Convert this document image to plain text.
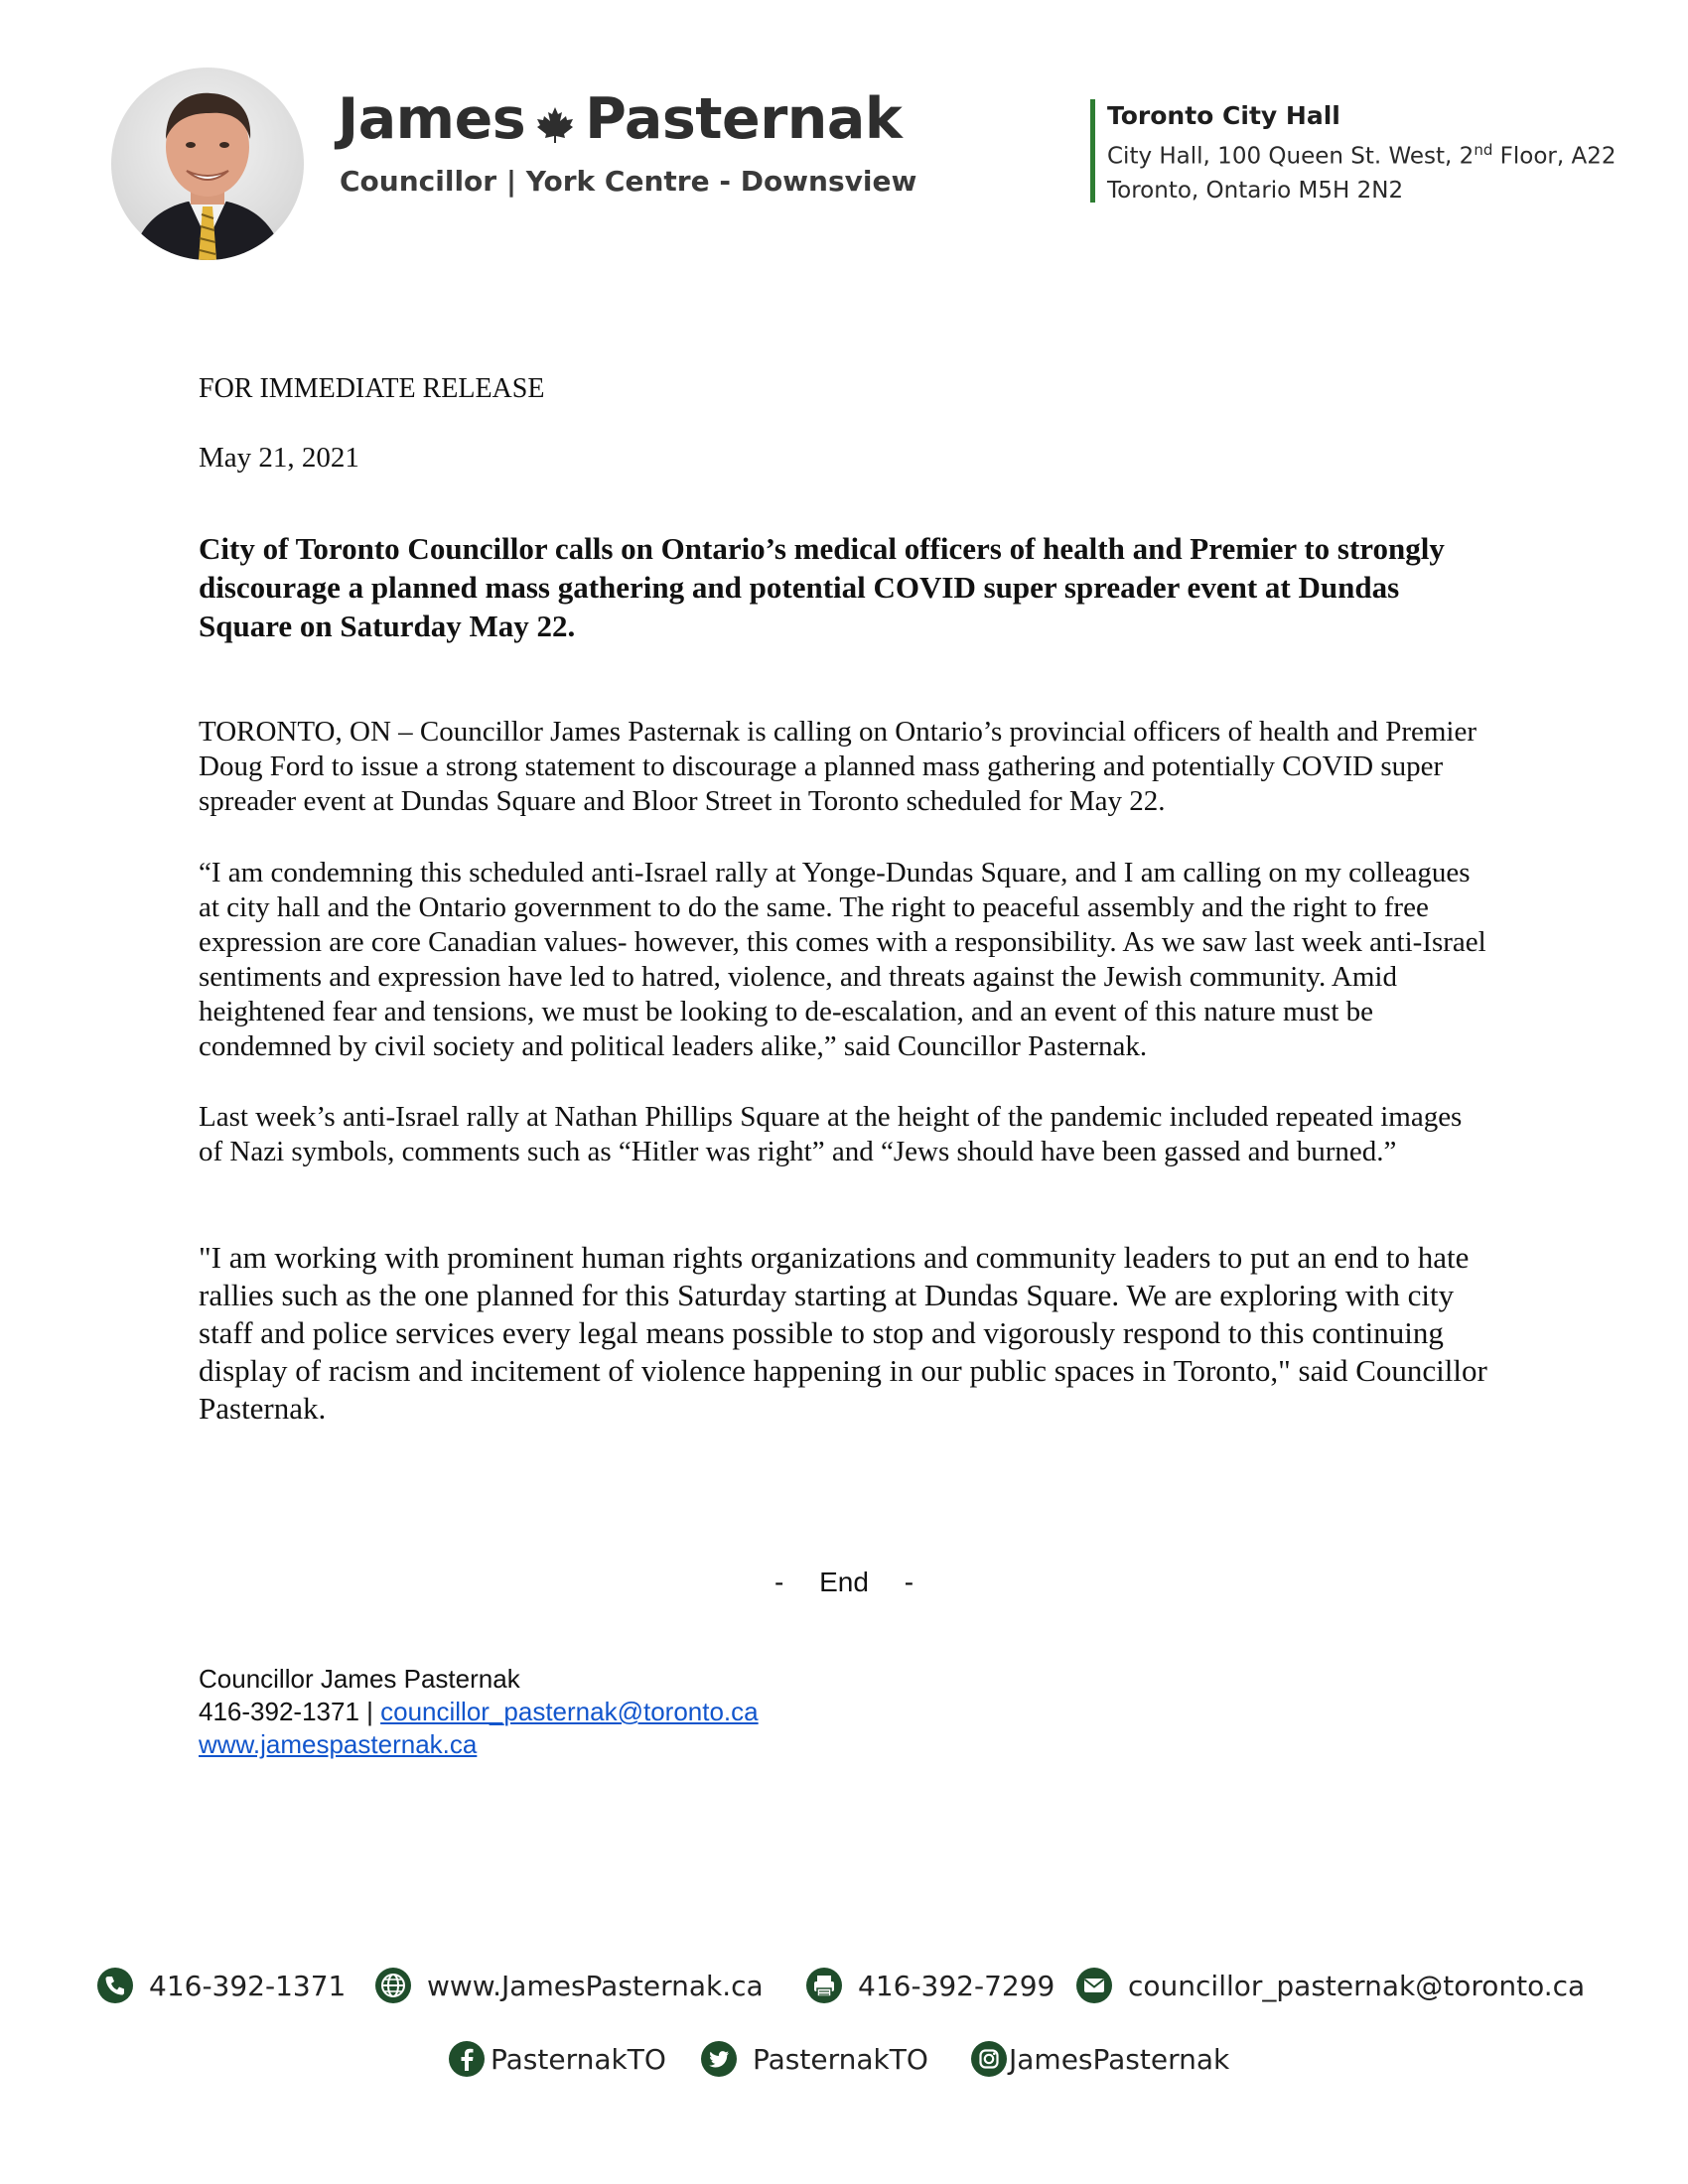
James Pasternak
Councillor | York Centre - Downsview
Toronto City Hall
City Hall, 100 Queen St. West, 2nd Floor, A22
Toronto, Ontario M5H 2N2
FOR IMMEDIATE RELEASE
May 21, 2021
City of Toronto Councillor calls on Ontario’s medical officers of health and Premier to strongly discourage a planned mass gathering and potential COVID super spreader event at Dundas Square on Saturday May 22.
TORONTO, ON – Councillor James Pasternak is calling on Ontario’s provincial officers of health and Premier Doug Ford to issue a strong statement to discourage a planned mass gathering and potentially COVID super spreader event at Dundas Square and Bloor Street in Toronto scheduled for May 22.
“I am condemning this scheduled anti-Israel rally at Yonge-Dundas Square, and I am calling on my colleagues at city hall and the Ontario government to do the same. The right to peaceful assembly and the right to free expression are core Canadian values- however, this comes with a responsibility. As we saw last week anti-Israel sentiments and expression have led to hatred, violence, and threats against the Jewish community. Amid heightened fear and tensions, we must be looking to de-escalation, and an event of this nature must be condemned by civil society and political leaders alike,” said Councillor Pasternak.
Last week’s anti-Israel rally at Nathan Phillips Square at the height of the pandemic included repeated images of Nazi symbols, comments such as “Hitler was right” and “Jews should have been gassed and burned.”
"I am working with prominent human rights organizations and community leaders to put an end to hate rallies such as the one planned for this Saturday starting at Dundas Square. We are exploring with city staff and police services every legal means possible to stop and vigorously respond to this continuing display of racism and incitement of violence happening in our public spaces in Toronto," said Councillor Pasternak.
- End -
Councillor James Pasternak
416-392-1371 | councillor_pasternak@toronto.ca
www.jamespasternak.ca
416-392-1371	www.JamesPasternak.ca	416-392-7299	councillor_pasternak@toronto.ca
PasternakTO	PasternakTO	JamesPasternak
